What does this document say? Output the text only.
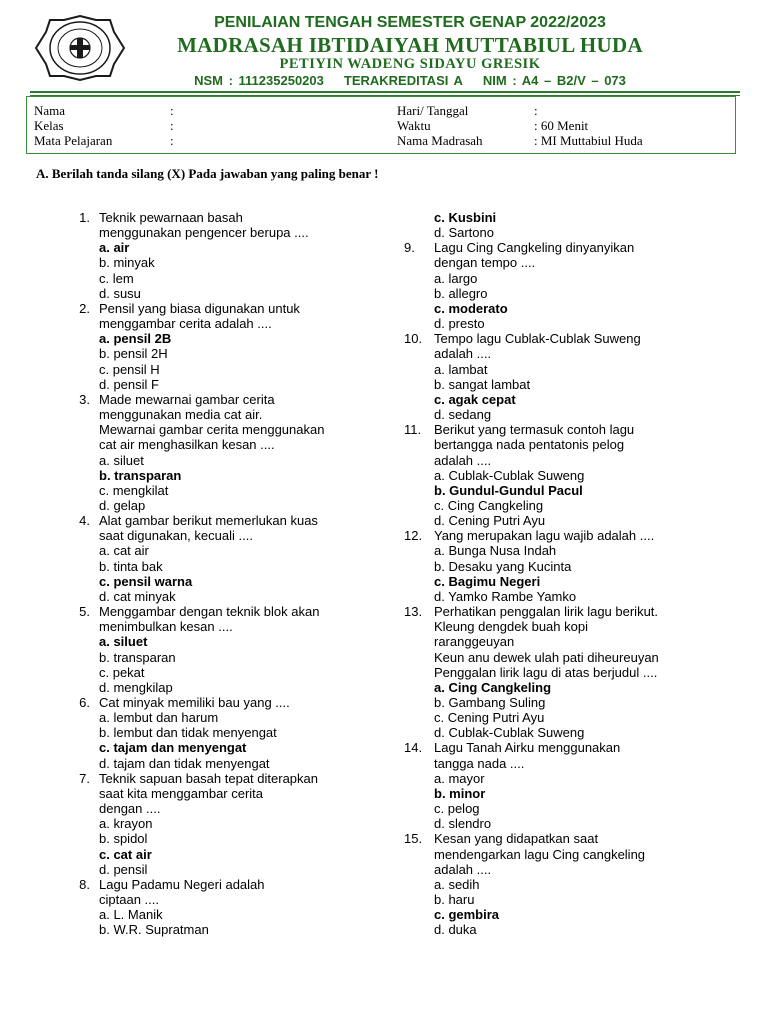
PENILAIAN TENGAH SEMESTER GENAP 2022/2023
MADRASAH IBTIDAIYAH MUTTABIUL HUDA
PETIYIN WADENG SIDAYU GRESIK
NSM : 111235250203 TERAKREDITASI A NIM : A4 – B2/V – 073
Nama	:
Kelas	:
Mata Pelajaran	:
Hari/ Tanggal	:
Waktu	: 60 Menit
Nama Madrasah	: MI Muttabiul Huda
A. Berilah tanda silang (X) Pada jawaban yang paling benar !
1. Teknik pewarnaan basah
menggunakan pengencer berupa ....
a. air
b. minyak
c. lem
d. susu
2. Pensil yang biasa digunakan untuk
menggambar cerita adalah ....
a. pensil 2B
b. pensil 2H
c. pensil H
d. pensil F
3. Made mewarnai gambar cerita
menggunakan media cat air.
Mewarnai gambar cerita menggunakan
cat air menghasilkan kesan ....
a. siluet
b. transparan
c. mengkilat
d. gelap
4. Alat gambar berikut memerlukan kuas
saat digunakan, kecuali ....
a. cat air
b. tinta bak
c. pensil warna
d. cat minyak
5. Menggambar dengan teknik blok akan
menimbulkan kesan ....
a. siluet
b. transparan
c. pekat
d. mengkilap
6. Cat minyak memiliki bau yang ....
a. lembut dan harum
b. lembut dan tidak menyengat
c. tajam dan menyengat
d. tajam dan tidak menyengat
7. Teknik sapuan basah tepat diterapkan
saat kita menggambar cerita
dengan ....
a. krayon
b. spidol
c. cat air
d. pensil
8. Lagu Padamu Negeri adalah
ciptaan ....
a. L. Manik
b. W.R. Supratman
c. Kusbini
d. Sartono
9.	Lagu Cing Cangkeling dinyanyikan
dengan tempo ....
a. largo
b. allegro
c. moderato
d. presto
10. Tempo lagu Cublak-Cublak Suweng
adalah ....
a. lambat
b. sangat lambat
c. agak cepat
d. sedang
11. Berikut yang termasuk contoh lagu
bertangga nada pentatonis pelog
adalah ....
a. Cublak-Cublak Suweng
b. Gundul-Gundul Pacul
c. Cing Cangkeling
d. Cening Putri Ayu
12. Yang merupakan lagu wajib adalah ....
a. Bunga Nusa Indah
b. Desaku yang Kucinta
c. Bagimu Negeri
d. Yamko Rambe Yamko
13. Perhatikan penggalan lirik lagu berikut.
Kleung dengdek buah kopi
raranggeuyan
Keun anu dewek ulah pati diheureuyan
Penggalan lirik lagu di atas berjudul ....
a. Cing Cangkeling
b. Gambang Suling
c. Cening Putri Ayu
d. Cublak-Cublak Suweng
14. Lagu Tanah Airku menggunakan
tangga nada ....
a. mayor
b. minor
c. pelog
d. slendro
15. Kesan yang didapatkan saat
mendengarkan lagu Cing cangkeling
adalah ....
a. sedih
b. haru
c. gembira
d. duka
